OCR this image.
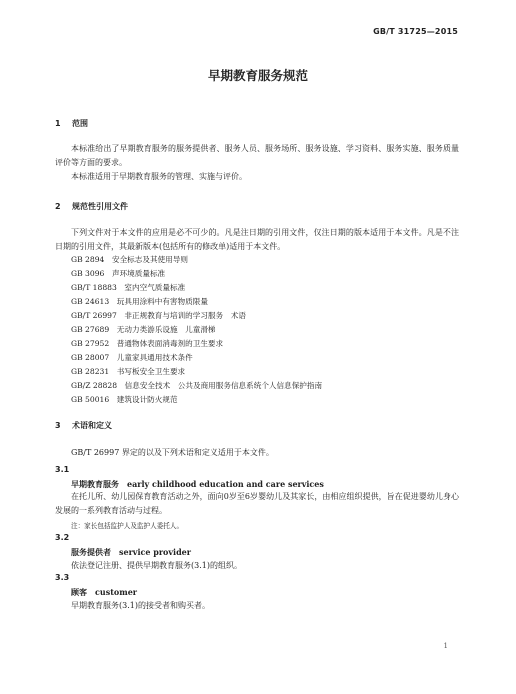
GB/T 31725—2015
早期教育服务规范
1 范围
本标准给出了早期教育服务的服务提供者、服务人员、服务场所、服务设施、学习资料、服务实施、服务质量评价等方面的要求。
本标准适用于早期教育服务的管理、实施与评价。
2 规范性引用文件
下列文件对于本文件的应用是必不可少的。凡是注日期的引用文件，仅注日期的版本适用于本文件。凡是不注日期的引用文件，其最新版本(包括所有的修改单)适用于本文件。
GB 2894　安全标志及其使用导则
GB 3096　声环境质量标准
GB/T 18883　室内空气质量标准
GB 24613　玩具用涂料中有害物质限量
GB/T 26997　非正规教育与培训的学习服务　术语
GB 27689　无动力类游乐设施　儿童滑梯
GB 27952　普通物体表面消毒剂的卫生要求
GB 28007　儿童家具通用技术条件
GB 28231　书写板安全卫生要求
GB/Z 28828　信息安全技术　公共及商用服务信息系统个人信息保护指南
GB 50016　建筑设计防火规范
3 术语和定义
GB/T 26997 界定的以及下列术语和定义适用于本文件。
3.1
早期教育服务 early childhood education and care services
在托儿所、幼儿园保育教育活动之外，面向0岁至6岁婴幼儿及其家长，由相应组织提供，旨在促进婴幼儿身心发展的一系列教育活动与过程。
注：家长包括监护人及监护人委托人。
3.2
服务提供者 service provider
依法登记注册、提供早期教育服务(3.1)的组织。
3.3
顾客 customer
早期教育服务(3.1)的接受者和购买者。
1
